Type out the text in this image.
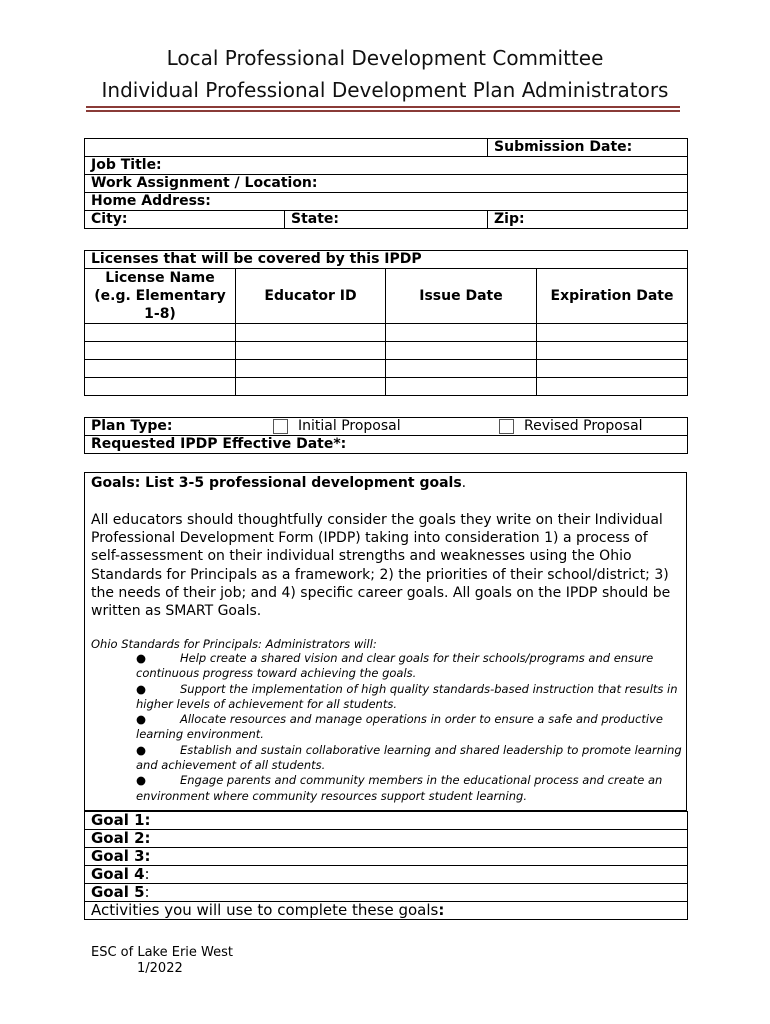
Local Professional Development Committee
Individual Professional Development Plan Administrators
		Submission Date:
Job Title:		
Work Assignment / Location:		
Home Address:		
City:	State:	Zip:
Licenses that will be covered by this IPDP			
License Name (e.g. Elementary 1-8)	Educator ID	Issue Date	Expiration Date

Plan Type:	Initial Proposal	Revised Proposal

Requested IPDP Effective Date*:
Goals: List 3-5 professional development goals.
All educators should thoughtfully consider the goals they write on their Individual Professional Development Form (IPDP) taking into consideration 1) a process of self-assessment on their individual strengths and weaknesses using the Ohio Standards for Principals as a framework; 2) the priorities of their school/district; 3) the needs of their job; and 4) specific career goals. All goals on the IPDP should be written as SMART Goals.
Ohio Standards for Principals: Administrators will:
●	Help create a shared vision and clear goals for their schools/programs and ensure continuous progress toward achieving the goals.
●	Support the implementation of high quality standards-based instruction that results in higher levels of achievement for all students.
●	Allocate resources and manage operations in order to ensure a safe and productive learning environment.
●	Establish and sustain collaborative learning and shared leadership to promote learning and achievement of all students.
●	Engage parents and community members in the educational process and create an environment where community resources support student learning.
Goal 1:
Goal 2:
Goal 3:
Goal 4:
Goal 5:
Activities you will use to complete these goals:
ESC of Lake Erie West
1/2022
